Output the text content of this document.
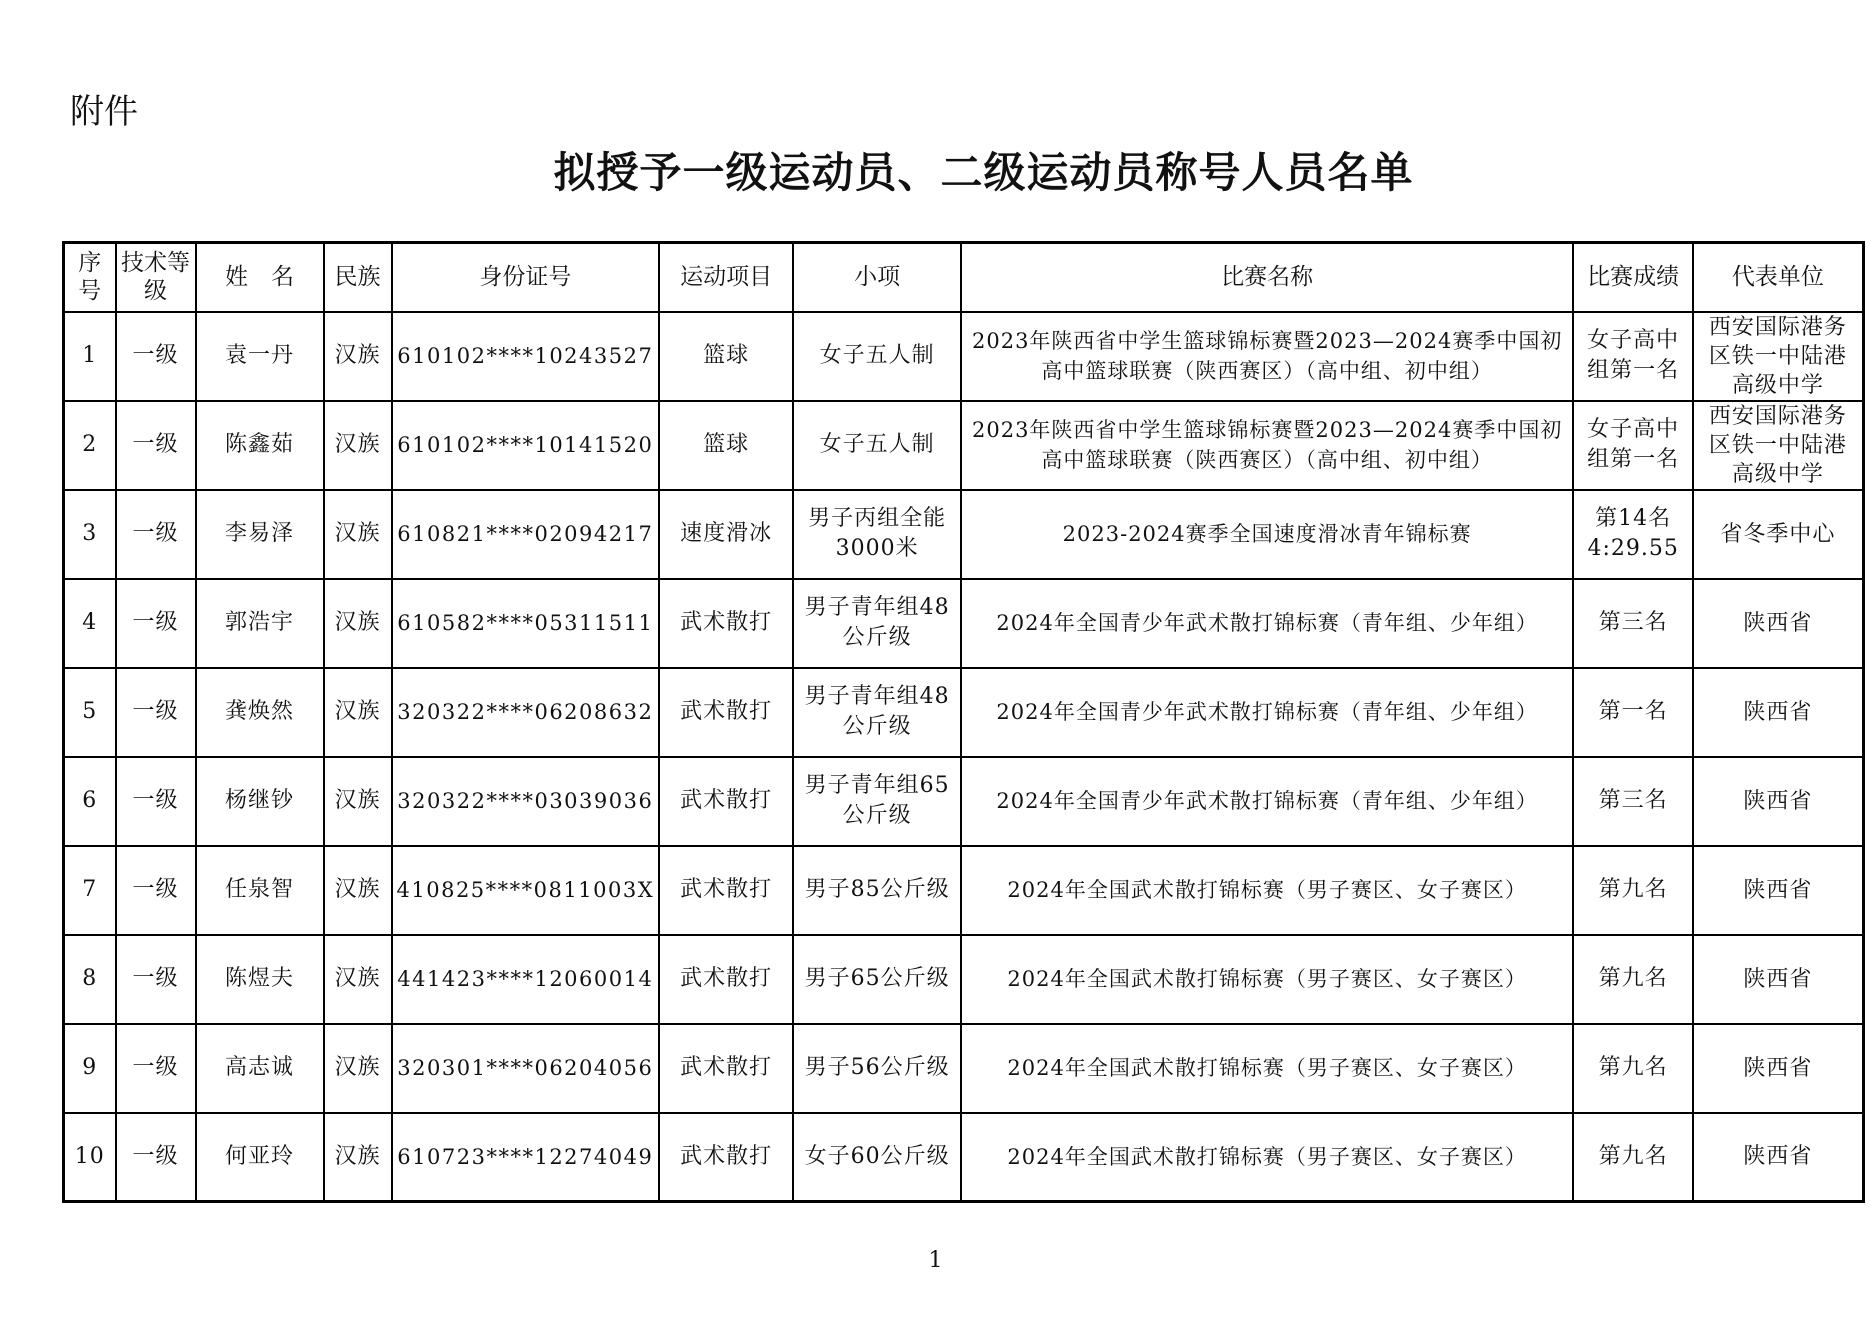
附件
拟授予一级运动员、二级运动员称号人员名单
序号	技术等级	姓　名	民族	身份证号	运动项目	小项	比赛名称	比赛成绩	代表单位
1	一级	袁一丹	汉族	610102****10243527	篮球	女子五人制	2023年陕西省中学生篮球锦标赛暨2023—2024赛季中国初高中篮球联赛（陕西赛区）（高中组、初中组）	女子高中组第一名	西安国际港务区铁一中陆港高级中学
2	一级	陈鑫茹	汉族	610102****10141520	篮球	女子五人制	2023年陕西省中学生篮球锦标赛暨2023—2024赛季中国初高中篮球联赛（陕西赛区）（高中组、初中组）	女子高中组第一名	西安国际港务区铁一中陆港高级中学
3	一级	李易泽	汉族	610821****02094217	速度滑冰	男子丙组全能3000米	2023-2024赛季全国速度滑冰青年锦标赛	第14名 4:29.55	省冬季中心
4	一级	郭浩宇	汉族	610582****05311511	武术散打	男子青年组48公斤级	2024年全国青少年武术散打锦标赛（青年组、少年组）	第三名	陕西省
5	一级	龚焕然	汉族	320322****06208632	武术散打	男子青年组48公斤级	2024年全国青少年武术散打锦标赛（青年组、少年组）	第一名	陕西省
6	一级	杨继钞	汉族	320322****03039036	武术散打	男子青年组65公斤级	2024年全国青少年武术散打锦标赛（青年组、少年组）	第三名	陕西省
7	一级	任泉智	汉族	410825****0811003X	武术散打	男子85公斤级	2024年全国武术散打锦标赛（男子赛区、女子赛区）	第九名	陕西省
8	一级	陈煜夫	汉族	441423****12060014	武术散打	男子65公斤级	2024年全国武术散打锦标赛（男子赛区、女子赛区）	第九名	陕西省
9	一级	高志诚	汉族	320301****06204056	武术散打	男子56公斤级	2024年全国武术散打锦标赛（男子赛区、女子赛区）	第九名	陕西省
10	一级	何亚玲	汉族	610723****12274049	武术散打	女子60公斤级	2024年全国武术散打锦标赛（男子赛区、女子赛区）	第九名	陕西省
1
